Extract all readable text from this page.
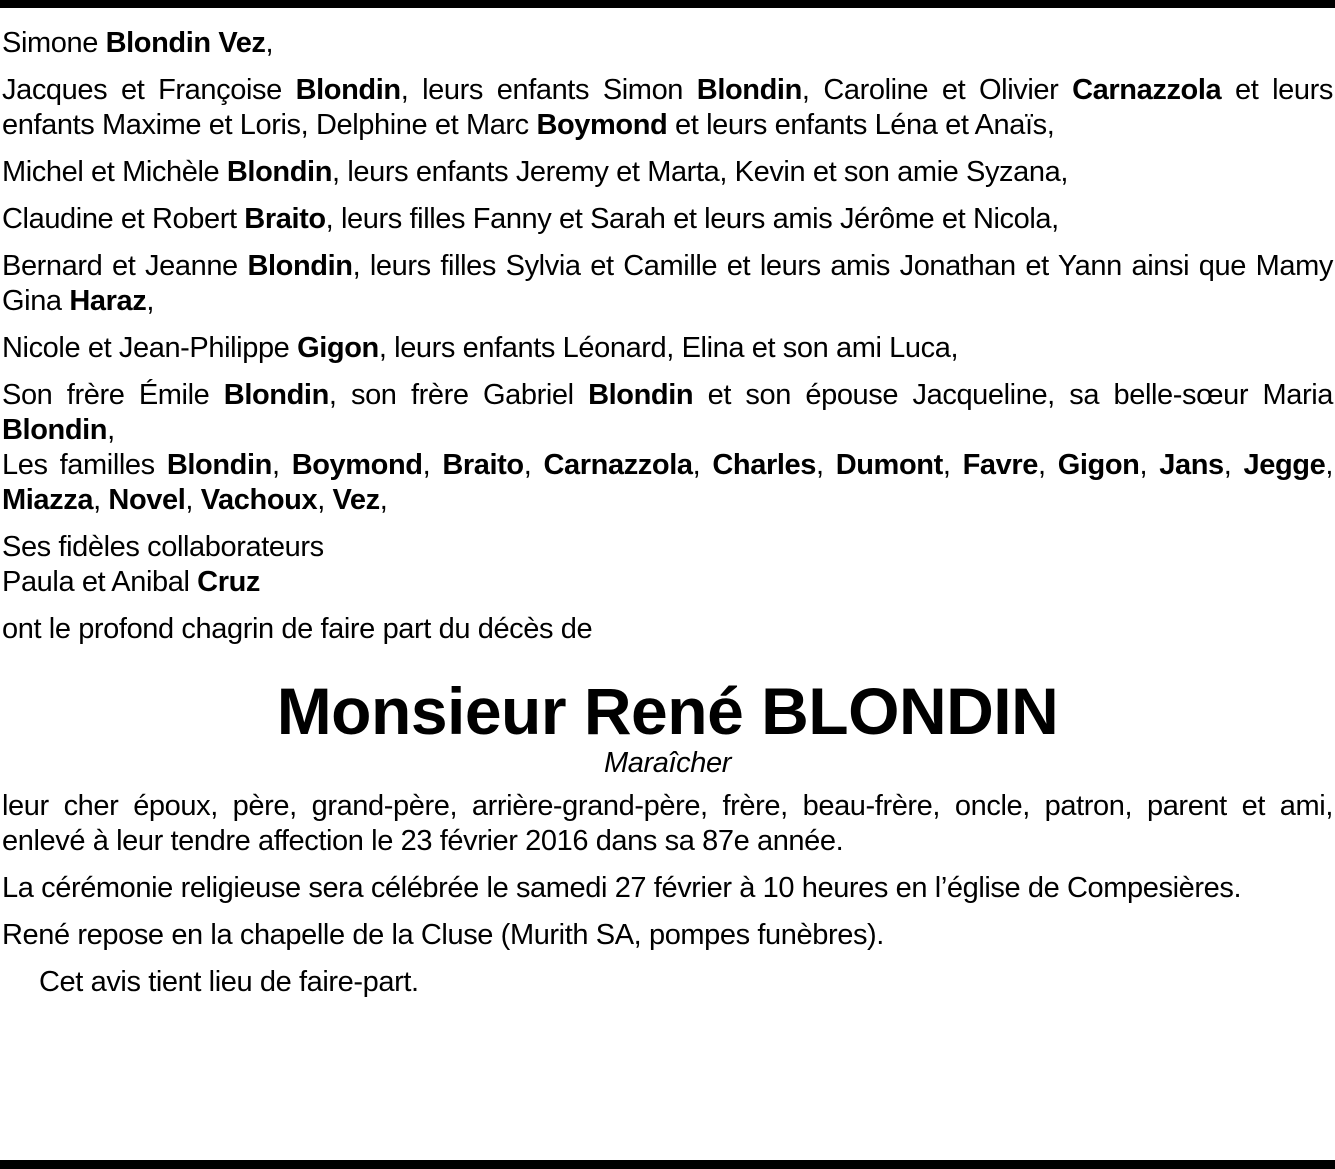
Simone Blondin Vez,

Jacques et Françoise Blondin, leurs enfants Simon Blondin, Caroline et Olivier Carnazzola et leurs enfants Maxime et Loris, Delphine et Marc Boymond et leurs enfants Léna et Anaïs,

Michel et Michèle Blondin, leurs enfants Jeremy et Marta, Kevin et son amie Syzana,

Claudine et Robert Braito, leurs filles Fanny et Sarah et leurs amis Jérôme et Nicola,

Bernard et Jeanne Blondin, leurs filles Sylvia et Camille et leurs amis Jonathan et Yann ainsi que Mamy Gina Haraz,

Nicole et Jean-Philippe Gigon, leurs enfants Léonard, Elina et son ami Luca,

Son frère Émile Blondin, son frère Gabriel Blondin et son épouse Jacqueline, sa belle-sœur Maria Blondin,

Les familles Blondin, Boymond, Braito, Carnazzola, Charles, Dumont, Favre, Gigon, Jans, Jegge, Miazza, Novel, Vachoux, Vez,

Ses fidèles collaborateurs
Paula et Anibal Cruz

ont le profond chagrin de faire part du décès de

Monsieur René BLONDIN
Maraîcher

leur cher époux, père, grand-père, arrière-grand-père, frère, beau-frère, oncle, patron, parent et ami, enlevé à leur tendre affection le 23 février 2016 dans sa 87e année.

La cérémonie religieuse sera célébrée le samedi 27 février à 10 heures en l’église de Compesières.

René repose en la chapelle de la Cluse (Murith SA, pompes funèbres).

Cet avis tient lieu de faire-part.
